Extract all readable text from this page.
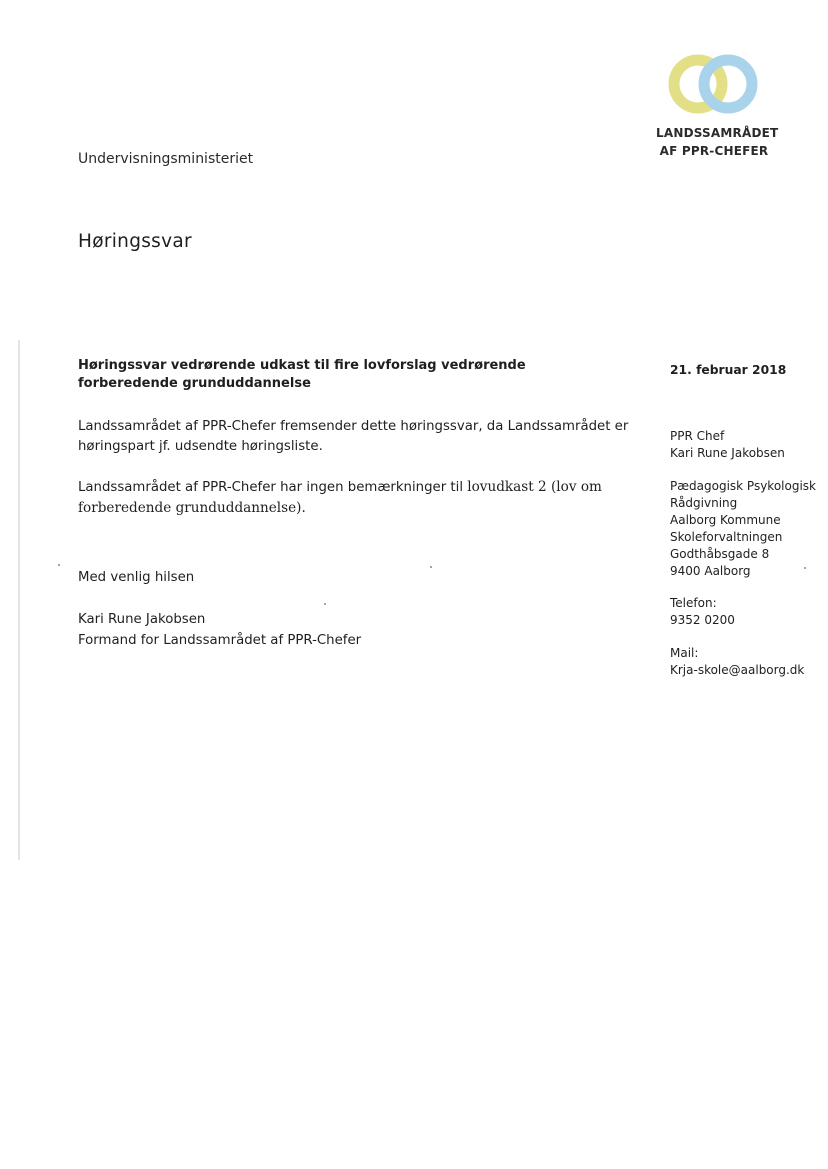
LANDSSAMRÅDET
AF PPR-CHEFER
Undervisningsministeriet
Høringssvar
Høringssvar vedrørende udkast til fire lovforslag vedrørende forberedende grunduddannelse
Landssamrådet af PPR-Chefer fremsender dette høringssvar, da Landssamrådet er høringspart jf. udsendte høringsliste.
Landssamrådet af PPR-Chefer har ingen bemærkninger til lovudkast 2 (lov om forberedende grunduddannelse).
Med venlig hilsen
Kari Rune Jakobsen
Formand for Landssamrådet af PPR-Chefer
21. februar 2018
PPR Chef
Kari Rune Jakobsen
Pædagogisk Psykologisk
Rådgivning
Aalborg Kommune
Skoleforvaltningen
Godthåbsgade 8
9400 Aalborg
Telefon:
9352 0200
Mail:
Krja-skole@aalborg.dk
